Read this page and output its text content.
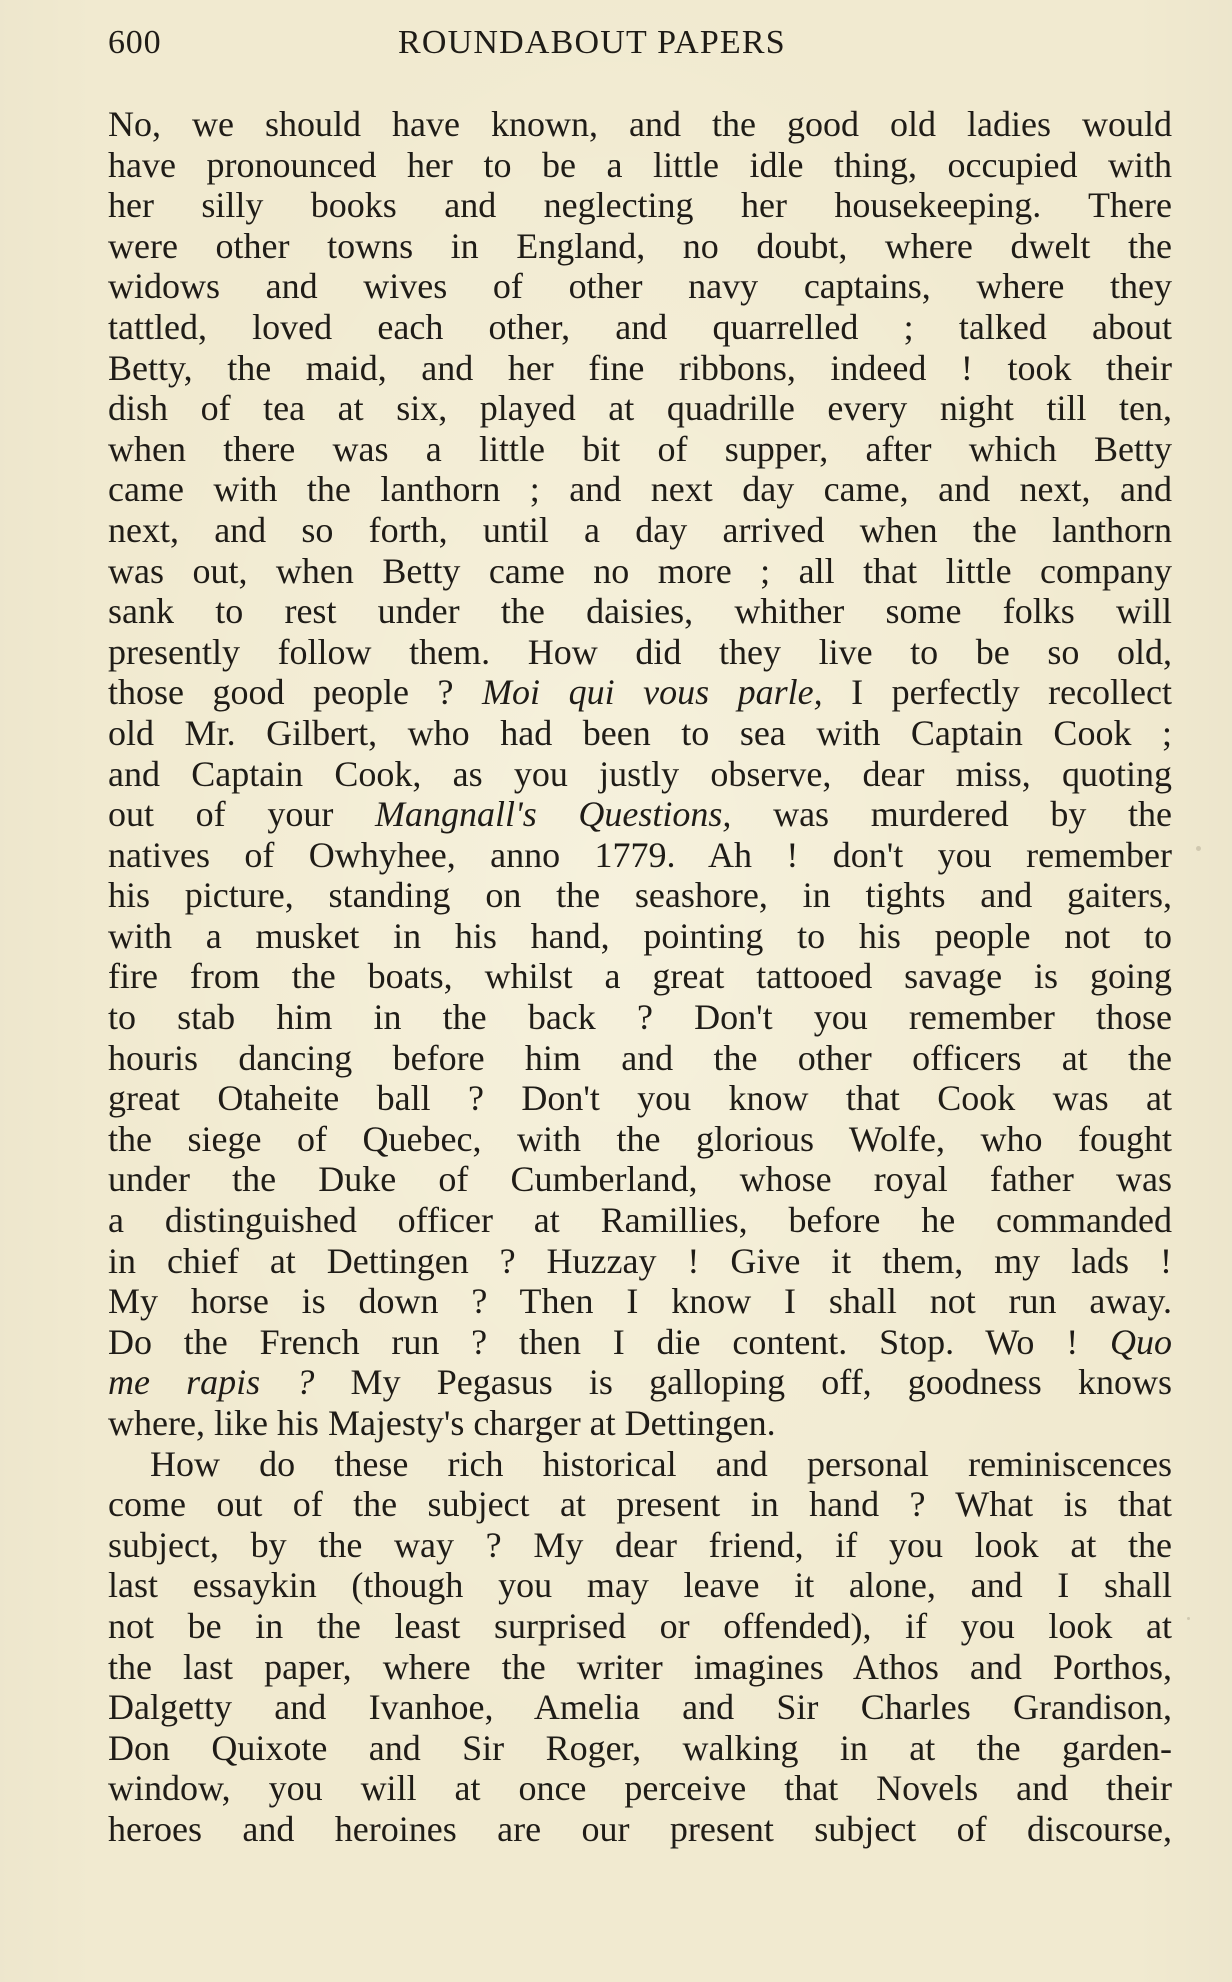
600	ROUNDABOUT PAPERS
No, we should have known, and the good old ladies would
have pronounced her to be a little idle thing, occupied with
her silly books and neglecting her housekeeping. There
were other towns in England, no doubt, where dwelt the
widows and wives of other navy captains, where they
tattled, loved each other, and quarrelled ; talked about
Betty, the maid, and her fine ribbons, indeed ! took their
dish of tea at six, played at quadrille every night till ten,
when there was a little bit of supper, after which Betty
came with the lanthorn ; and next day came, and next, and
next, and so forth, until a day arrived when the lanthorn
was out, when Betty came no more ; all that little company
sank to rest under the daisies, whither some folks will
presently follow them. How did they live to be so old,
those good people ? Moi qui vous parle, I perfectly recollect
old Mr. Gilbert, who had been to sea with Captain Cook ;
and Captain Cook, as you justly observe, dear miss, quoting
out of your Mangnall's Questions, was murdered by the
natives of Owhyhee, anno 1779. Ah ! don't you remember
his picture, standing on the seashore, in tights and gaiters,
with a musket in his hand, pointing to his people not to
fire from the boats, whilst a great tattooed savage is going
to stab him in the back ? Don't you remember those
houris dancing before him and the other officers at the
great Otaheite ball ? Don't you know that Cook was at
the siege of Quebec, with the glorious Wolfe, who fought
under the Duke of Cumberland, whose royal father was
a distinguished officer at Ramillies, before he commanded
in chief at Dettingen ? Huzzay ! Give it them, my lads !
My horse is down ? Then I know I shall not run away.
Do the French run ? then I die content. Stop. Wo ! Quo
me rapis ? My Pegasus is galloping off, goodness knows
where, like his Majesty's charger at Dettingen.
How do these rich historical and personal reminiscences
come out of the subject at present in hand ? What is that
subject, by the way ? My dear friend, if you look at the
last essaykin (though you may leave it alone, and I shall
not be in the least surprised or offended), if you look at
the last paper, where the writer imagines Athos and Porthos,
Dalgetty and Ivanhoe, Amelia and Sir Charles Grandison,
Don Quixote and Sir Roger, walking in at the garden-
window, you will at once perceive that Novels and their
heroes and heroines are our present subject of discourse,
